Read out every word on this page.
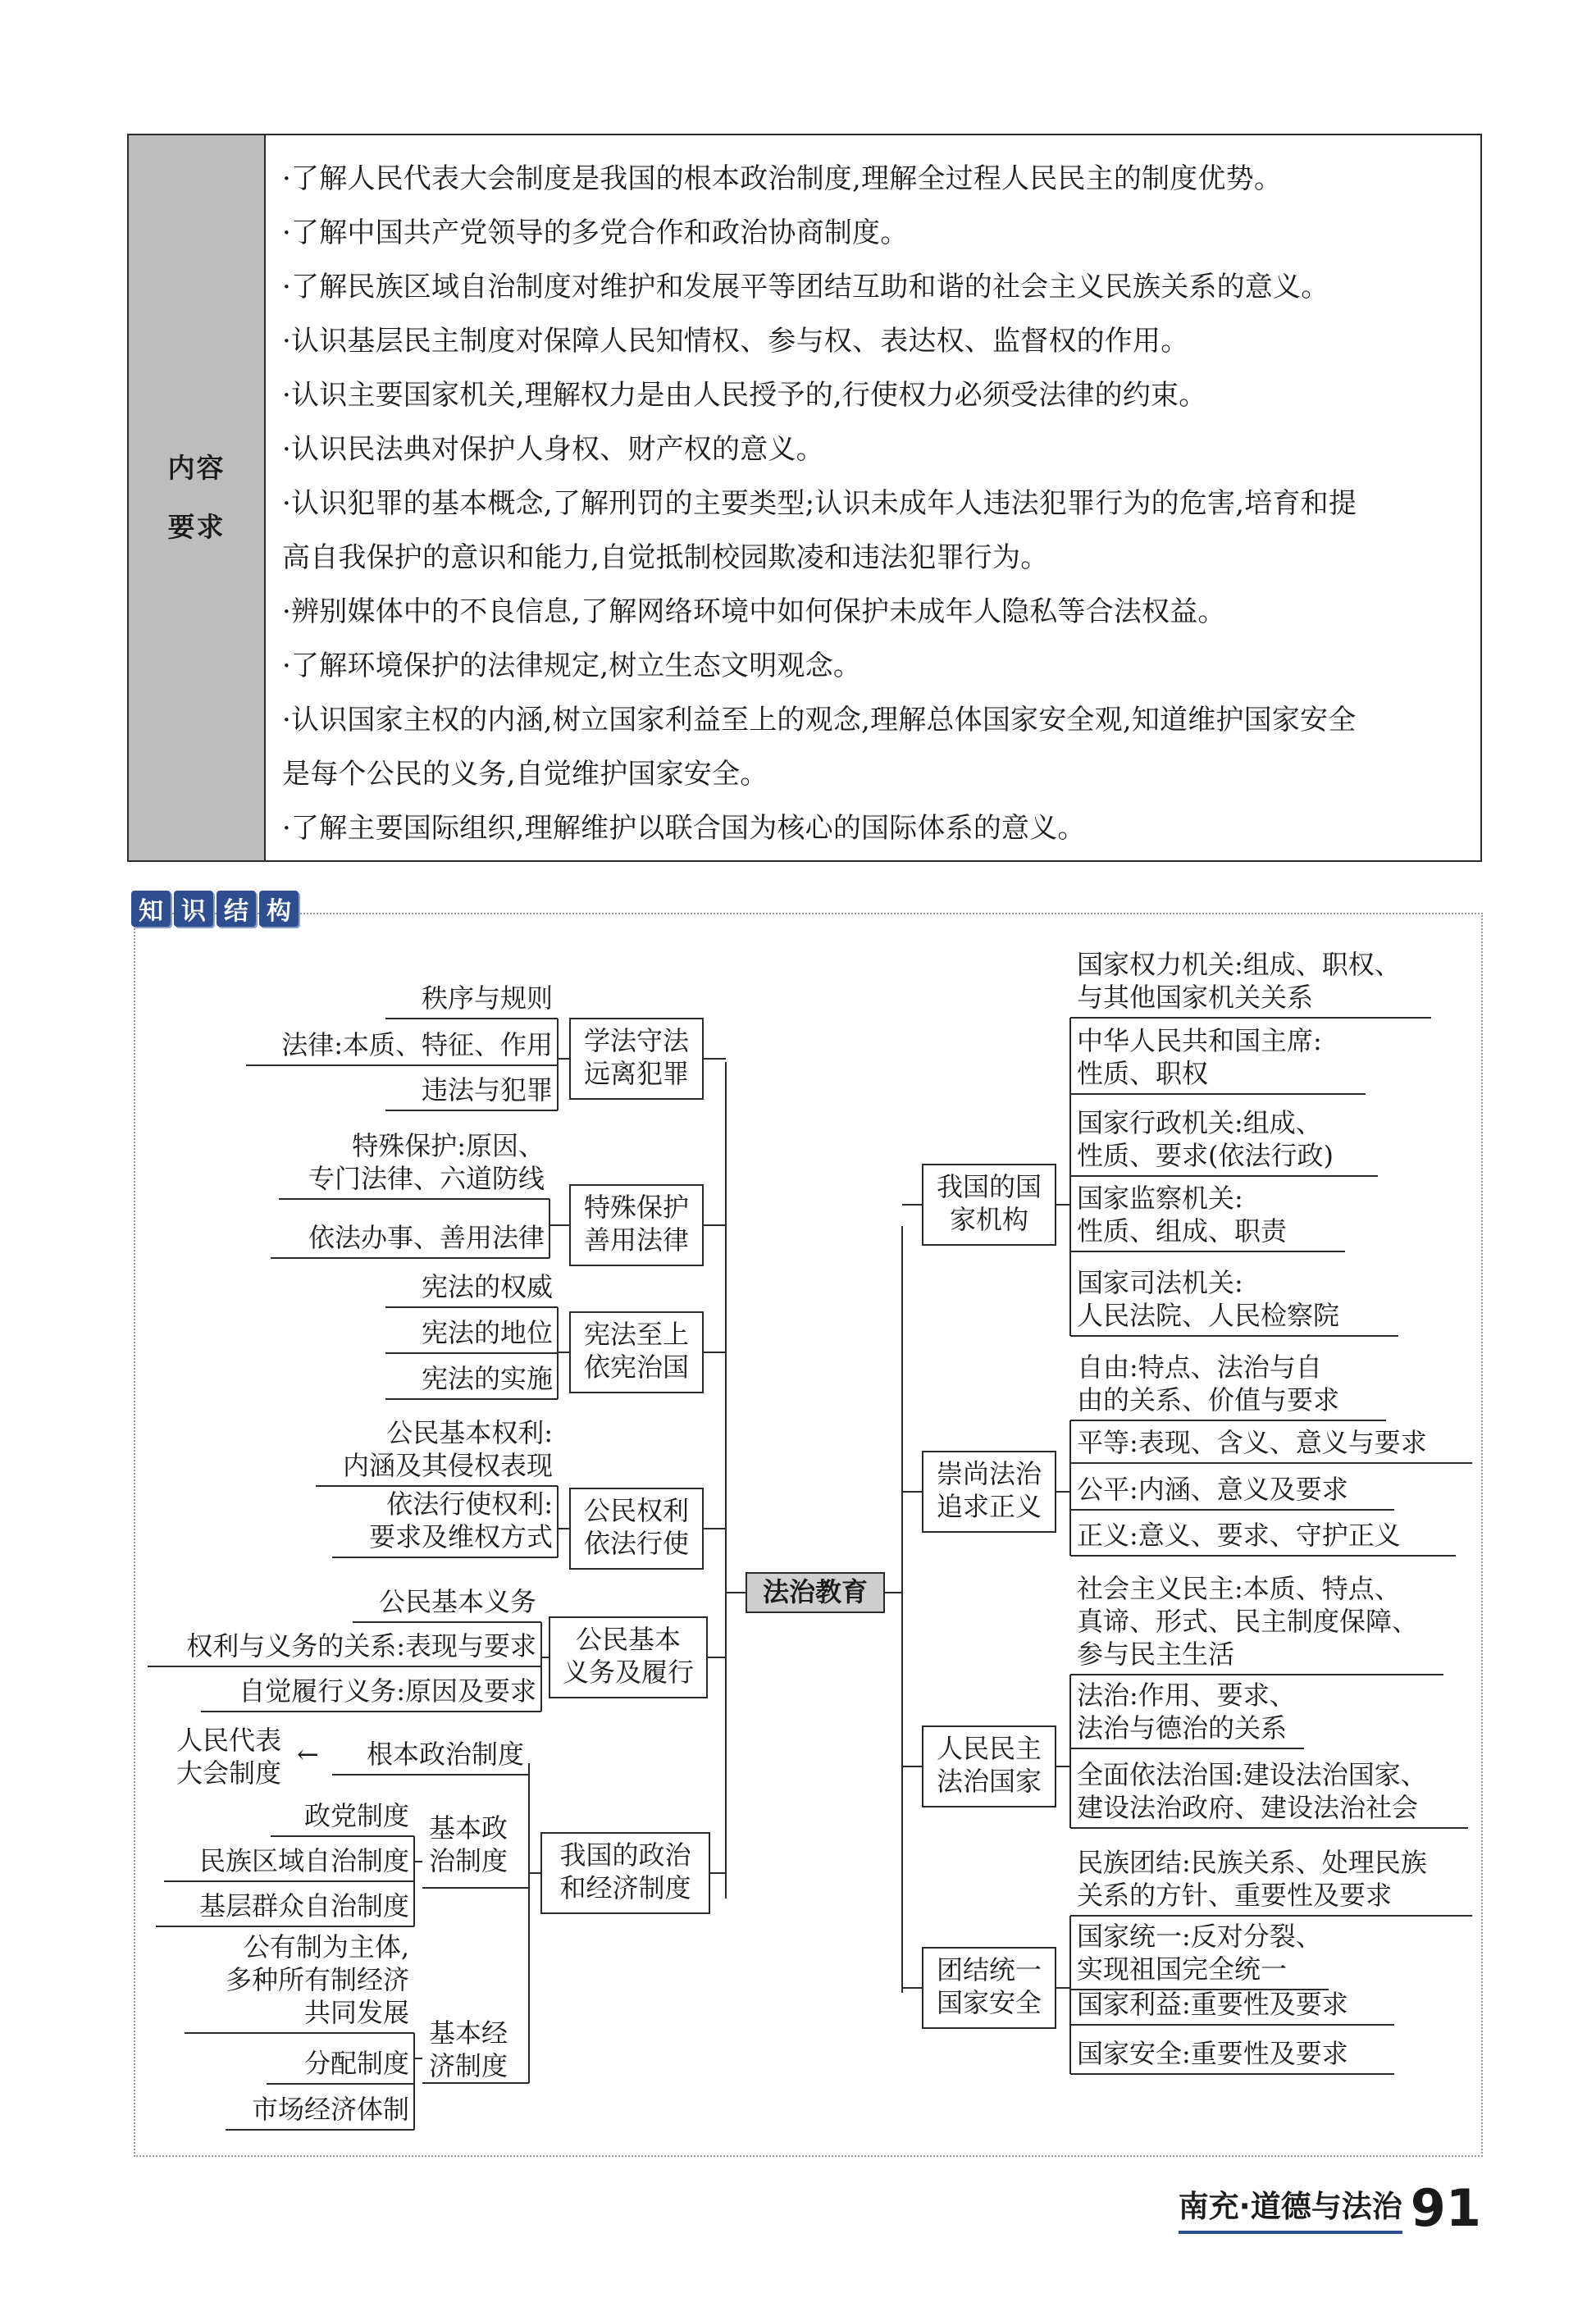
内容
要求
·了解人民代表大会制度是我国的根本政治制度,理解全过程人民民主的制度优势。
·了解中国共产党领导的多党合作和政治协商制度。
·了解民族区域自治制度对维护和发展平等团结互助和谐的社会主义民族关系的意义。
·认识基层民主制度对保障人民知情权、参与权、表达权、监督权的作用。
·认识主要国家机关,理解权力是由人民授予的,行使权力必须受法律的约束。
·认识民法典对保护人身权、财产权的意义。
·认识犯罪的基本概念,了解刑罚的主要类型;认识未成年人违法犯罪行为的危害,培育和提
高自我保护的意识和能力,自觉抵制校园欺凌和违法犯罪行为。
·辨别媒体中的不良信息,了解网络环境中如何保护未成年人隐私等合法权益。
·了解环境保护的法律规定,树立生态文明观念。
·认识国家主权的内涵,树立国家利益至上的观念,理解总体国家安全观,知道维护国家安全
是每个公民的义务,自觉维护国家安全。
·了解主要国际组织,理解维护以联合国为核心的国际体系的意义。
知 识 结 构
法治教育
学法守法远离犯罪
特殊保护善用法律
宪法至上依宪治国
公民权利依法行使
公民基本义务及履行
我国的政治和经济制度
秩序与规则
法律:本质、特征、作用
违法与犯罪
特殊保护:原因、专门法律、六道防线
依法办事、善用法律
宪法的权威
宪法的地位
宪法的实施
公民基本权利:内涵及其侵权表现
依法行使权利:要求及维权方式
公民基本义务
权利与义务的关系:表现与要求
自觉履行义务:原因及要求
根本政治制度
人民代表大会制度
←
基本政治制度
政党制度
民族区域自治制度
基层群众自治制度
基本经济制度
公有制为主体,多种所有制经济共同发展
分配制度
市场经济体制
我国的国家机构
崇尚法治追求正义
人民民主法治国家
团结统一国家安全
国家权力机关:组成、职权、与其他国家机关关系
中华人民共和国主席:性质、职权
国家行政机关:组成、性质、要求(依法行政)
国家监察机关:性质、组成、职责
国家司法机关:人民法院、人民检察院
自由:特点、法治与自由的关系、价值与要求
平等:表现、含义、意义与要求
公平:内涵、意义及要求
正义:意义、要求、守护正义
社会主义民主:本质、特点、真谛、形式、民主制度保障、参与民主生活
法治:作用、要求、法治与德治的关系
全面依法治国:建设法治国家、建设法治政府、建设法治社会
民族团结:民族关系、处理民族关系的方针、重要性及要求
国家统一:反对分裂、实现祖国完全统一
国家利益:重要性及要求
国家安全:重要性及要求
南充·道德与法治 91
